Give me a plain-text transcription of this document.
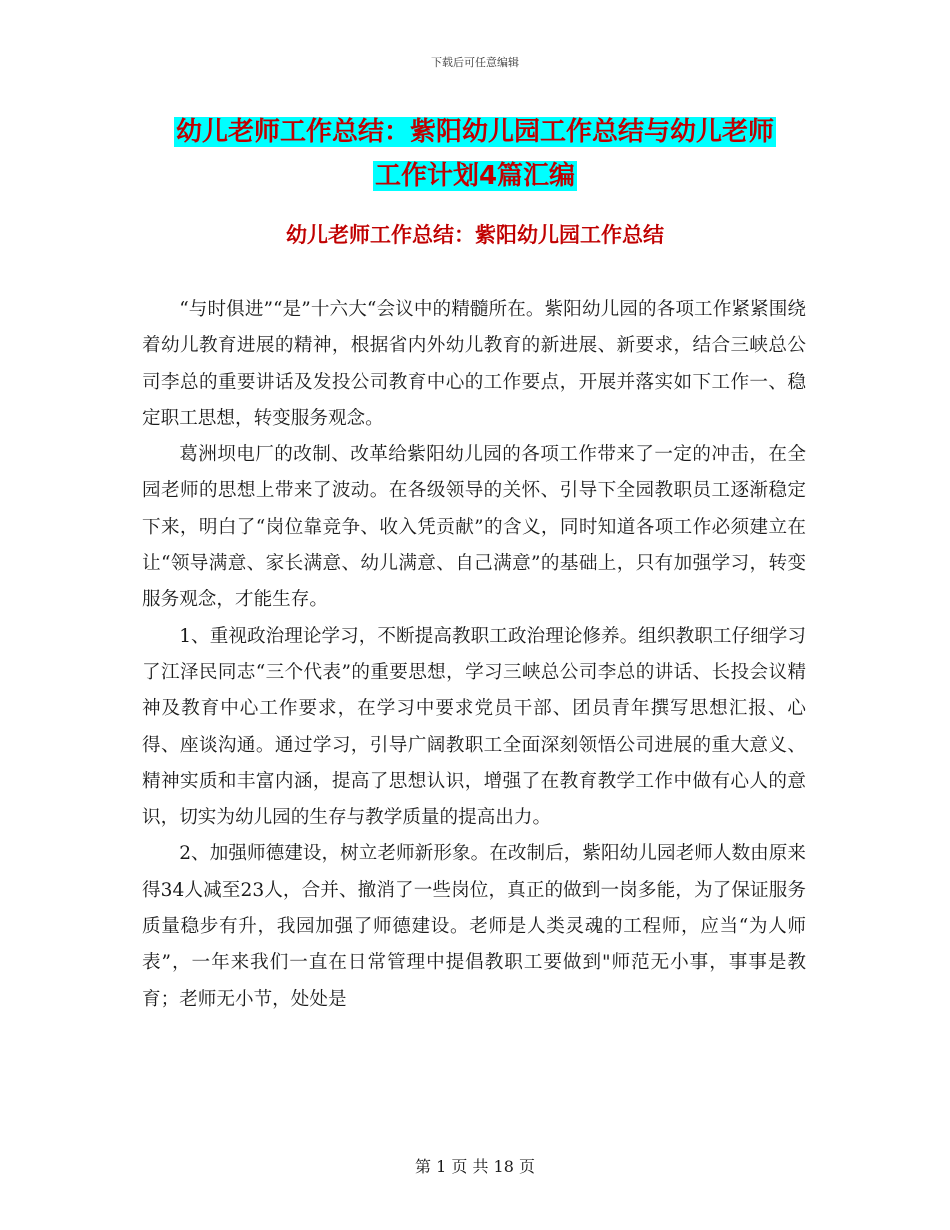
下载后可任意编辑
幼儿老师工作总结：紫阳幼儿园工作总结与幼儿老师
工作计划4篇汇编
幼儿老师工作总结：紫阳幼儿园工作总结

“与时俱进”“是”十六大“会议中的精髓所在。紫阳幼儿园的各项工作紧紧围绕着幼儿教育进展的精神，根据省内外幼儿教育的新进展、新要求，结合三峡总公司李总的重要讲话及发投公司教育中心的工作要点，开展并落实如下工作一、稳定职工思想，转变服务观念。

葛洲坝电厂的改制、改革给紫阳幼儿园的各项工作带来了一定的冲击，在全园老师的思想上带来了波动。在各级领导的关怀、引导下全园教职员工逐渐稳定下来，明白了“岗位靠竞争、收入凭贡献”的含义，同时知道各项工作必须建立在让“领导满意、家长满意、幼儿满意、自己满意”的基础上，只有加强学习，转变服务观念，才能生存。

1、重视政治理论学习，不断提高教职工政治理论修养。组织教职工仔细学习了江泽民同志“三个代表”的重要思想，学习三峡总公司李总的讲话、长投会议精神及教育中心工作要求，在学习中要求党员干部、团员青年撰写思想汇报、心得、座谈沟通。通过学习，引导广阔教职工全面深刻领悟公司进展的重大意义、精神实质和丰富内涵，提高了思想认识，增强了在教育教学工作中做有心人的意识，切实为幼儿园的生存与教学质量的提高出力。

2、加强师德建设，树立老师新形象。在改制后，紫阳幼儿园老师人数由原来得34人减至23人，合并、撤消了一些岗位，真正的做到一岗多能，为了保证服务质量稳步有升，我园加强了师德建设。老师是人类灵魂的工程师，应当“为人师表”，一年来我们一直在日常管理中提倡教职工要做到"师范无小事，事事是教育；老师无小节，处处是

第 1 页 共 18 页
